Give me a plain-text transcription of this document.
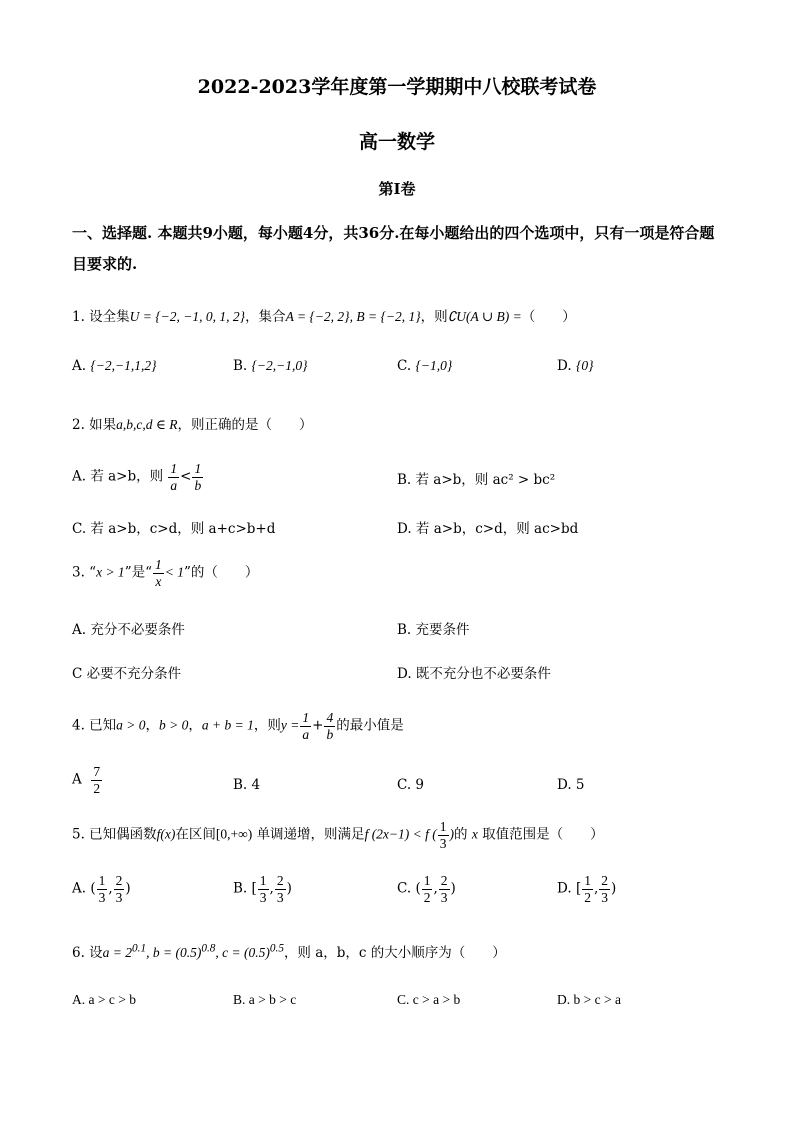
2022-2023学年度第一学期期中八校联考试卷
高一数学
第I卷
一、选择题. 本题共9小题，每小题4分，共36分.在每小题给出的四个选项中，只有一项是符合题目要求的.
1. 设全集U = {−2, −1, 0, 1, 2}，集合A = {−2, 2}, B = {−2, 1}，则∁U(A ∪ B) =（　　）
A. {−2,−1,1,2}	B. {−2,−1,0}	C. {−1,0}	D. {0}
2. 如果a,b,c,d ∈ R，则正确的是（　　）
A. 若 a>b，则 $\frac{1}{a} < \frac{1}{b}$	B. 若 a>b，则 ac² > bc²
C. 若 a>b，c>d，则 a+c>b+d	D. 若 a>b，c>d，则 ac>bd
3. “x > 1”是“ $\frac{1}{x} < 1$”的（　　）
A. 充分不必要条件	B. 充要条件
C 必要不充分条件	D. 既不充分也不必要条件
4. 已知a > 0，b > 0，a + b = 1，则$y = \frac{1}{a} + \frac{4}{b}$ 的最小值是
A $\frac{7}{2}$	B. 4	C. 9	D. 5
5. 已知偶函数f(x)在区间[0,+∞) 单调递增，则满足f (2x−1) < f ( $\frac{1}{3}$ )的 x 取值范围是（　　）
A. ( $\frac{1}{3}$ , $\frac{2}{3}$ )	B. [ $\frac{1}{3}$ , $\frac{2}{3}$ )	C. ( $\frac{1}{2}$ , $\frac{2}{3}$ )	D. [ $\frac{1}{2}$ , $\frac{2}{3}$ )
6. 设$a = 2^{0.1}$, $b = (0.5)^{0.8}$, $c = (0.5)^{0.5}$，则 a，b，c 的大小顺序为（　　）
A. a > c > b	B. a > b > c	C. c > a > b	D. b > c > a
